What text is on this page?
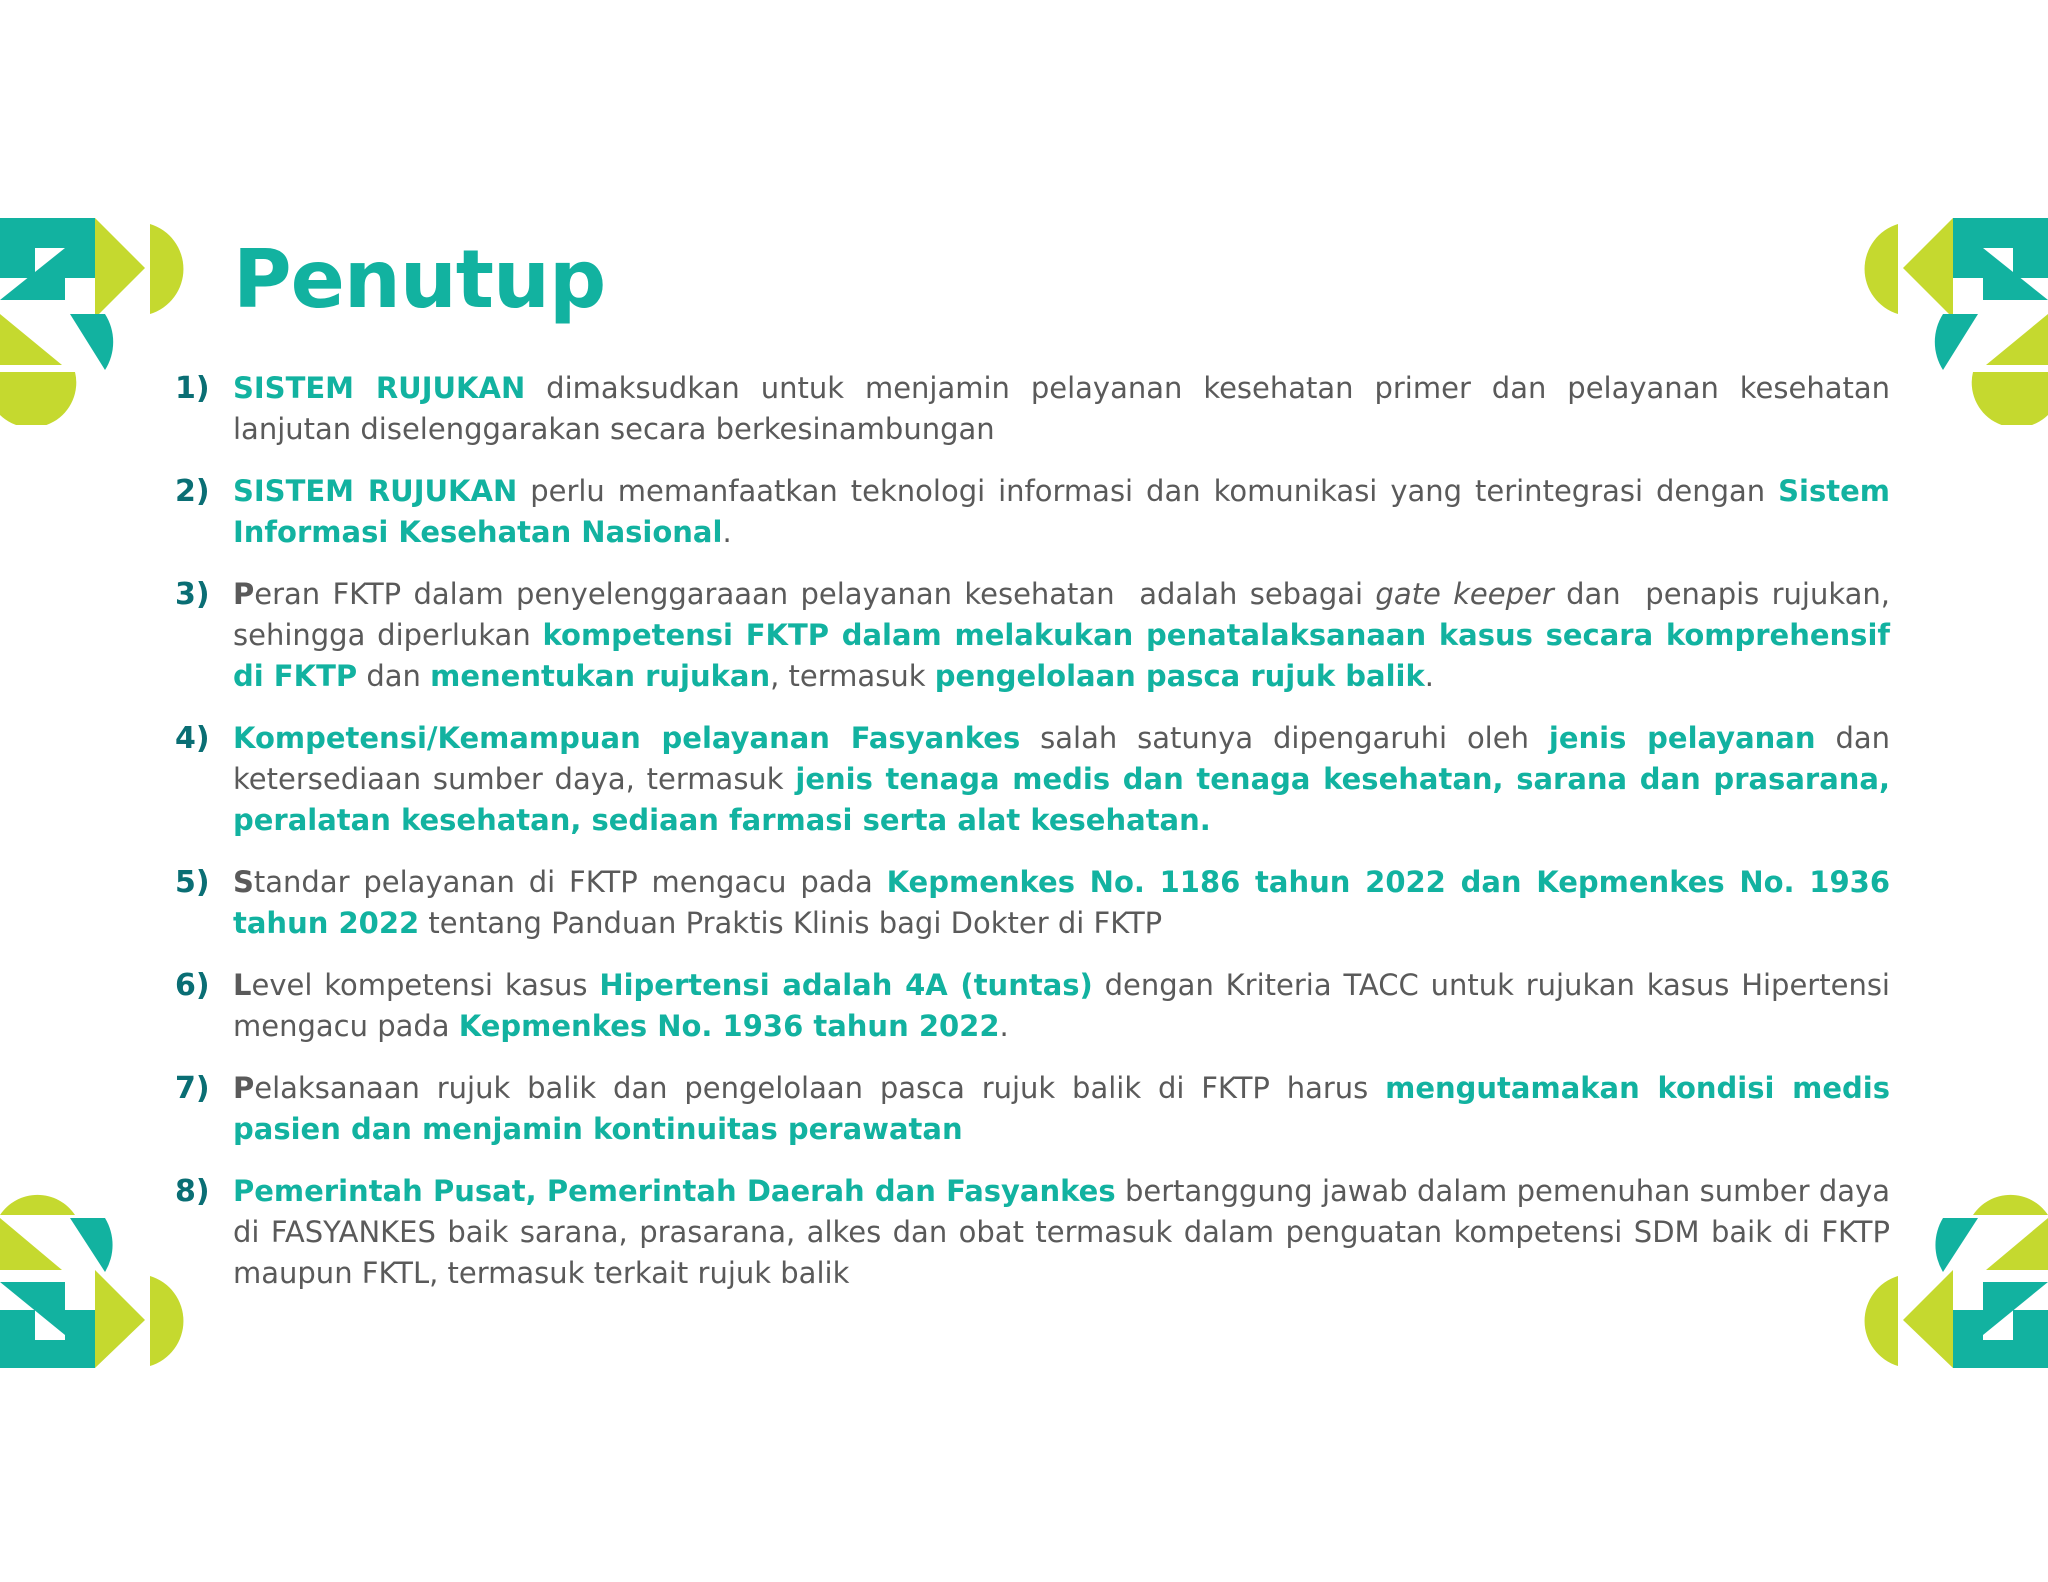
Penutup
1) SISTEM RUJUKAN dimaksudkan untuk menjamin pelayanan kesehatan primer dan pelayanan kesehatan lanjutan diselenggarakan secara berkesinambungan
2) SISTEM RUJUKAN perlu memanfaatkan teknologi informasi dan komunikasi yang terintegrasi dengan Sistem Informasi Kesehatan Nasional.
3) Peran FKTP dalam penyelenggaraaan pelayanan kesehatan  adalah sebagai gate keeper dan  penapis rujukan, sehingga diperlukan kompetensi FKTP dalam melakukan penatalaksanaan kasus secara komprehensif di FKTP dan menentukan rujukan, termasuk pengelolaan pasca rujuk balik.
4) Kompetensi/Kemampuan pelayanan Fasyankes salah satunya dipengaruhi oleh jenis pelayanan dan ketersediaan sumber daya, termasuk jenis tenaga medis dan tenaga kesehatan, sarana dan prasarana, peralatan kesehatan, sediaan farmasi serta alat kesehatan.
5) Standar pelayanan di FKTP mengacu pada Kepmenkes No. 1186 tahun 2022 dan Kepmenkes No. 1936 tahun 2022 tentang Panduan Praktis Klinis bagi Dokter di FKTP
6) Level kompetensi kasus Hipertensi adalah 4A (tuntas) dengan Kriteria TACC untuk rujukan kasus Hipertensi mengacu pada Kepmenkes No. 1936 tahun 2022.
7) Pelaksanaan rujuk balik dan pengelolaan pasca rujuk balik di FKTP harus mengutamakan kondisi medis pasien dan menjamin kontinuitas perawatan
8) Pemerintah Pusat, Pemerintah Daerah dan Fasyankes bertanggung jawab dalam pemenuhan sumber daya di FASYANKES baik sarana, prasarana, alkes dan obat termasuk dalam penguatan kompetensi SDM baik di FKTP maupun FKTL, termasuk terkait rujuk balik
